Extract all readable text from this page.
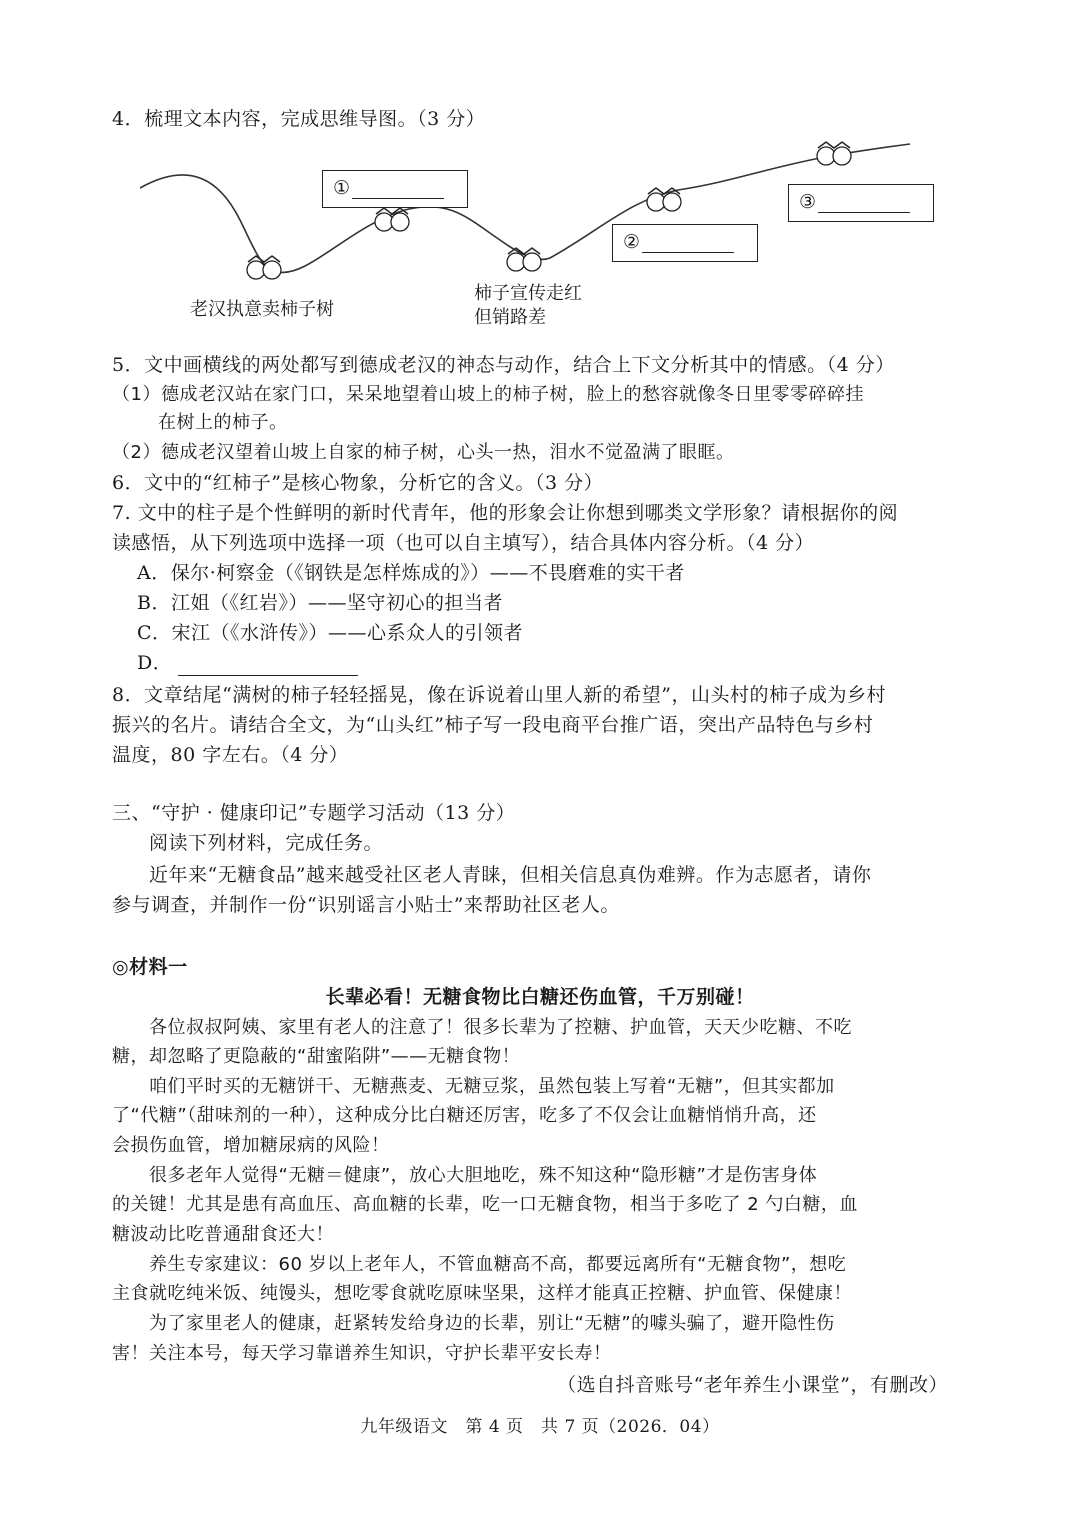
4．梳理文本内容，完成思维导图。（3 分）
①
②
③
老汉执意卖柿子树
柿子宣传走红
但销路差
5．文中画横线的两处都写到德成老汉的神态与动作，结合上下文分析其中的情感。（4 分）
（1）德成老汉站在家门口，呆呆地望着山坡上的柿子树，脸上的愁容就像冬日里零零碎碎挂
在树上的柿子。
（2）德成老汉望着山坡上自家的柿子树，心头一热，泪水不觉盈满了眼眶。
6．文中的“红柿子”是核心物象，分析它的含义。（3 分）
7. 文中的柱子是个性鲜明的新时代青年，他的形象会让你想到哪类文学形象？请根据你的阅
读感悟，从下列选项中选择一项（也可以自主填写），结合具体内容分析。（4 分）
A．保尔·柯察金（《钢铁是怎样炼成的》）——不畏磨难的实干者
B．江姐（《红岩》）——坚守初心的担当者
C．宋江（《水浒传》）——心系众人的引领者
D．
8．文章结尾“满树的柿子轻轻摇晃，像在诉说着山里人新的希望”，山头村的柿子成为乡村
振兴的名片。请结合全文，为“山头红”柿子写一段电商平台推广语，突出产品特色与乡村
温度，80 字左右。（4 分）
三、“守护 · 健康印记”专题学习活动（13 分）
阅读下列材料，完成任务。
近年来“无糖食品”越来越受社区老人青睐，但相关信息真伪难辨。作为志愿者，请你
参与调查，并制作一份“识别谣言小贴士”来帮助社区老人。
◎材料一
长辈必看！无糖食物比白糖还伤血管，千万别碰！
各位叔叔阿姨、家里有老人的注意了！很多长辈为了控糖、护血管，天天少吃糖、不吃
糖，却忽略了更隐蔽的“甜蜜陷阱”——无糖食物！
咱们平时买的无糖饼干、无糖燕麦、无糖豆浆，虽然包装上写着“无糖”，但其实都加
了“代糖”（甜味剂的一种），这种成分比白糖还厉害，吃多了不仅会让血糖悄悄升高，还
会损伤血管，增加糖尿病的风险！
很多老年人觉得“无糖＝健康”，放心大胆地吃，殊不知这种“隐形糖”才是伤害身体
的关键！尤其是患有高血压、高血糖的长辈，吃一口无糖食物，相当于多吃了 2 勺白糖，血
糖波动比吃普通甜食还大！
养生专家建议：60 岁以上老年人，不管血糖高不高，都要远离所有“无糖食物”，想吃
主食就吃纯米饭、纯馒头，想吃零食就吃原味坚果，这样才能真正控糖、护血管、保健康！
为了家里老人的健康，赶紧转发给身边的长辈，别让“无糖”的噱头骗了，避开隐性伤
害！关注本号，每天学习靠谱养生知识，守护长辈平安长寿！
（选自抖音账号“老年养生小课堂”，有删改）
九年级语文　第 4 页　共 7 页（2026．04）
